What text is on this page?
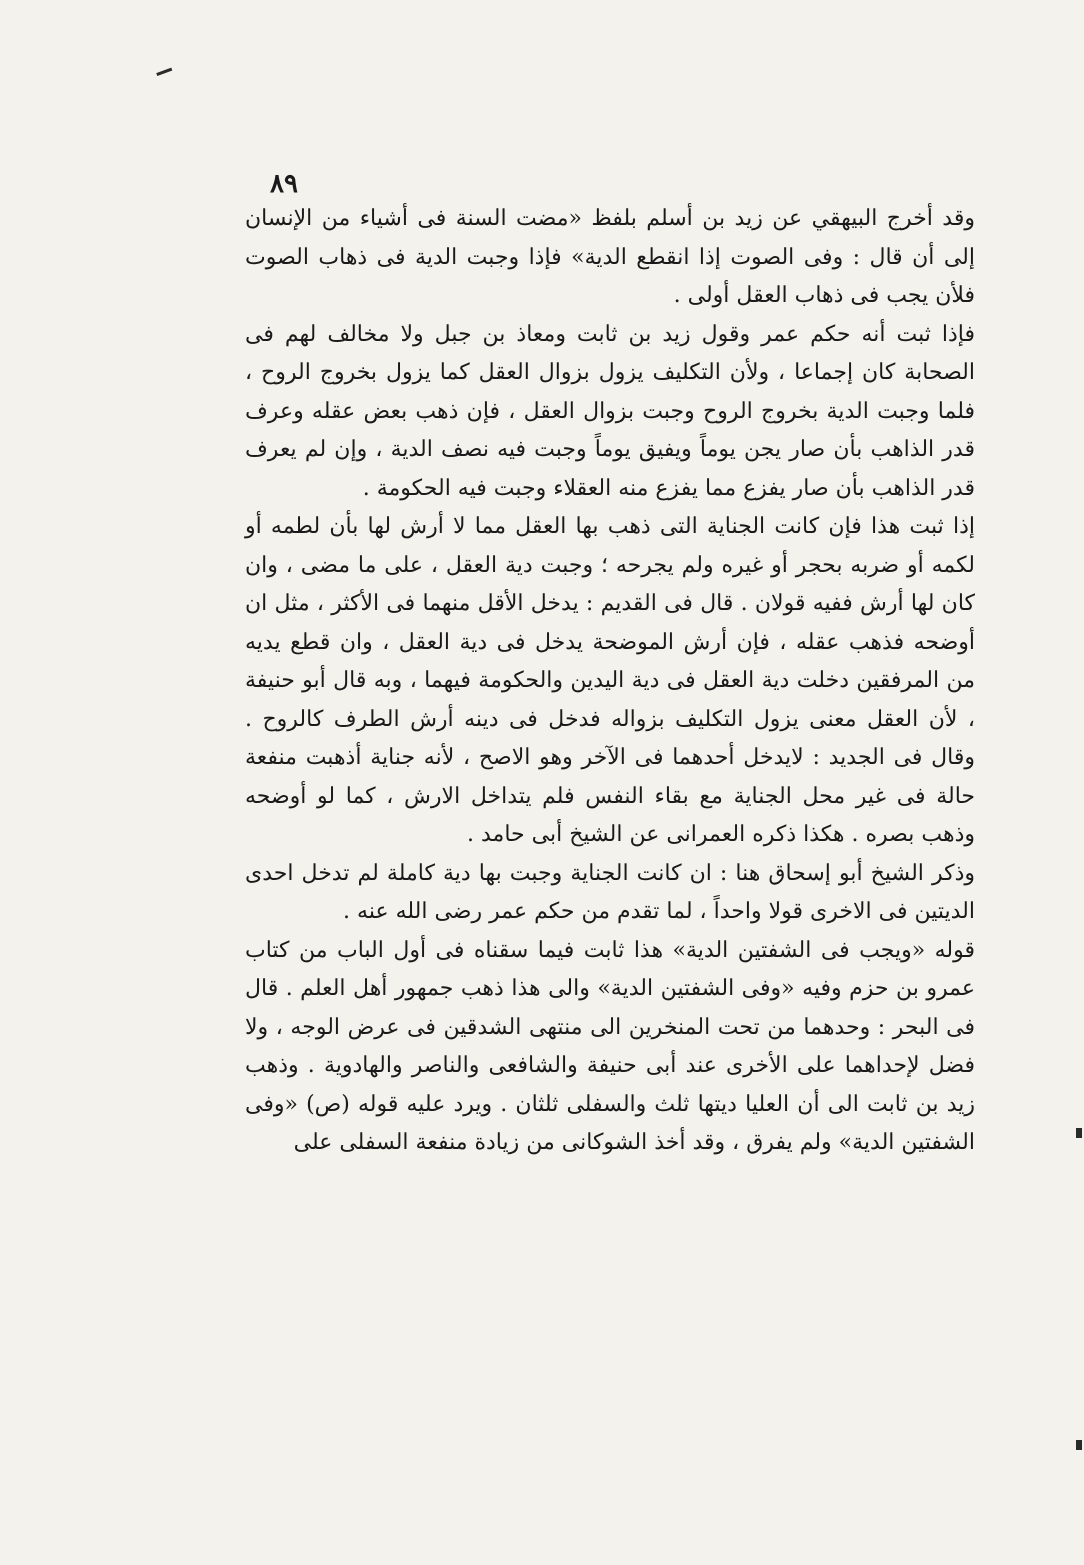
٨٩

وقد أخرج البيهقي عن زيد بن أسلم بلفظ «مضت السنة فى أشياء من الإنسان إلى أن قال : وفى الصوت إذا انقطع الدية» فإذا وجبت الدية فى ذهاب الصوت فلأن يجب فى ذهاب العقل أولى .

فإذا ثبت أنه حكم عمر وقول زيد بن ثابت ومعاذ بن جبل ولا مخالف لهم فى الصحابة كان إجماعا ، ولأن التكليف يزول بزوال العقل كما يزول بخروج الروح ، فلما وجبت الدية بخروج الروح وجبت بزوال العقل ، فإن ذهب بعض عقله وعرف قدر الذاهب بأن صار يجن يوماً ويفيق يوماً وجبت فيه نصف الدية ، وإن لم يعرف قدر الذاهب بأن صار يفزع مما يفزع منه العقلاء وجبت فيه الحكومة .

إذا ثبت هذا فإن كانت الجناية التى ذهب بها العقل مما لا أرش لها بأن لطمه أو لكمه أو ضربه بحجر أو غيره ولم يجرحه ؛ وجبت دية العقل ، على ما مضى ، وان كان لها أرش ففيه قولان . قال فى القديم : يدخل الأقل منهما فى الأكثر ، مثل ان أوضحه فذهب عقله ، فإن أرش الموضحة يدخل فى دية العقل ، وان قطع يديه من المرفقين دخلت دية العقل فى دية اليدين والحكومة فيهما ، وبه قال أبو حنيفة ، لأن العقل معنى يزول التكليف بزواله فدخل فى دينه أرش الطرف كالروح . وقال فى الجديد : لايدخل أحدهما فى الآخر وهو الاصح ، لأنه جناية أذهبت منفعة حالة فى غير محل الجناية مع بقاء النفس فلم يتداخل الارش ، كما لو أوضحه وذهب بصره . هكذا ذكره العمرانى عن الشيخ أبى حامد .

وذكر الشيخ أبو إسحاق هنا : ان كانت الجناية وجبت بها دية كاملة لم تدخل احدى الديتين فى الاخرى قولا واحداً ، لما تقدم من حكم عمر رضى الله عنه .

قوله «ويجب فى الشفتين الدية» هذا ثابت فيما سقناه فى أول الباب من كتاب عمرو بن حزم وفيه «وفى الشفتين الدية» والى هذا ذهب جمهور أهل العلم . قال فى البحر : وحدهما من تحت المنخرين الى منتهى الشدقين فى عرض الوجه ، ولا فضل لإحداهما على الأخرى عند أبى حنيفة والشافعى والناصر والهادوية . وذهب زيد بن ثابت الى أن العليا ديتها ثلث والسفلى ثلثان . ويرد عليه قوله (ص) «وفى الشفتين الدية» ولم يفرق ، وقد أخذ الشوكانى من زيادة منفعة السفلى على
